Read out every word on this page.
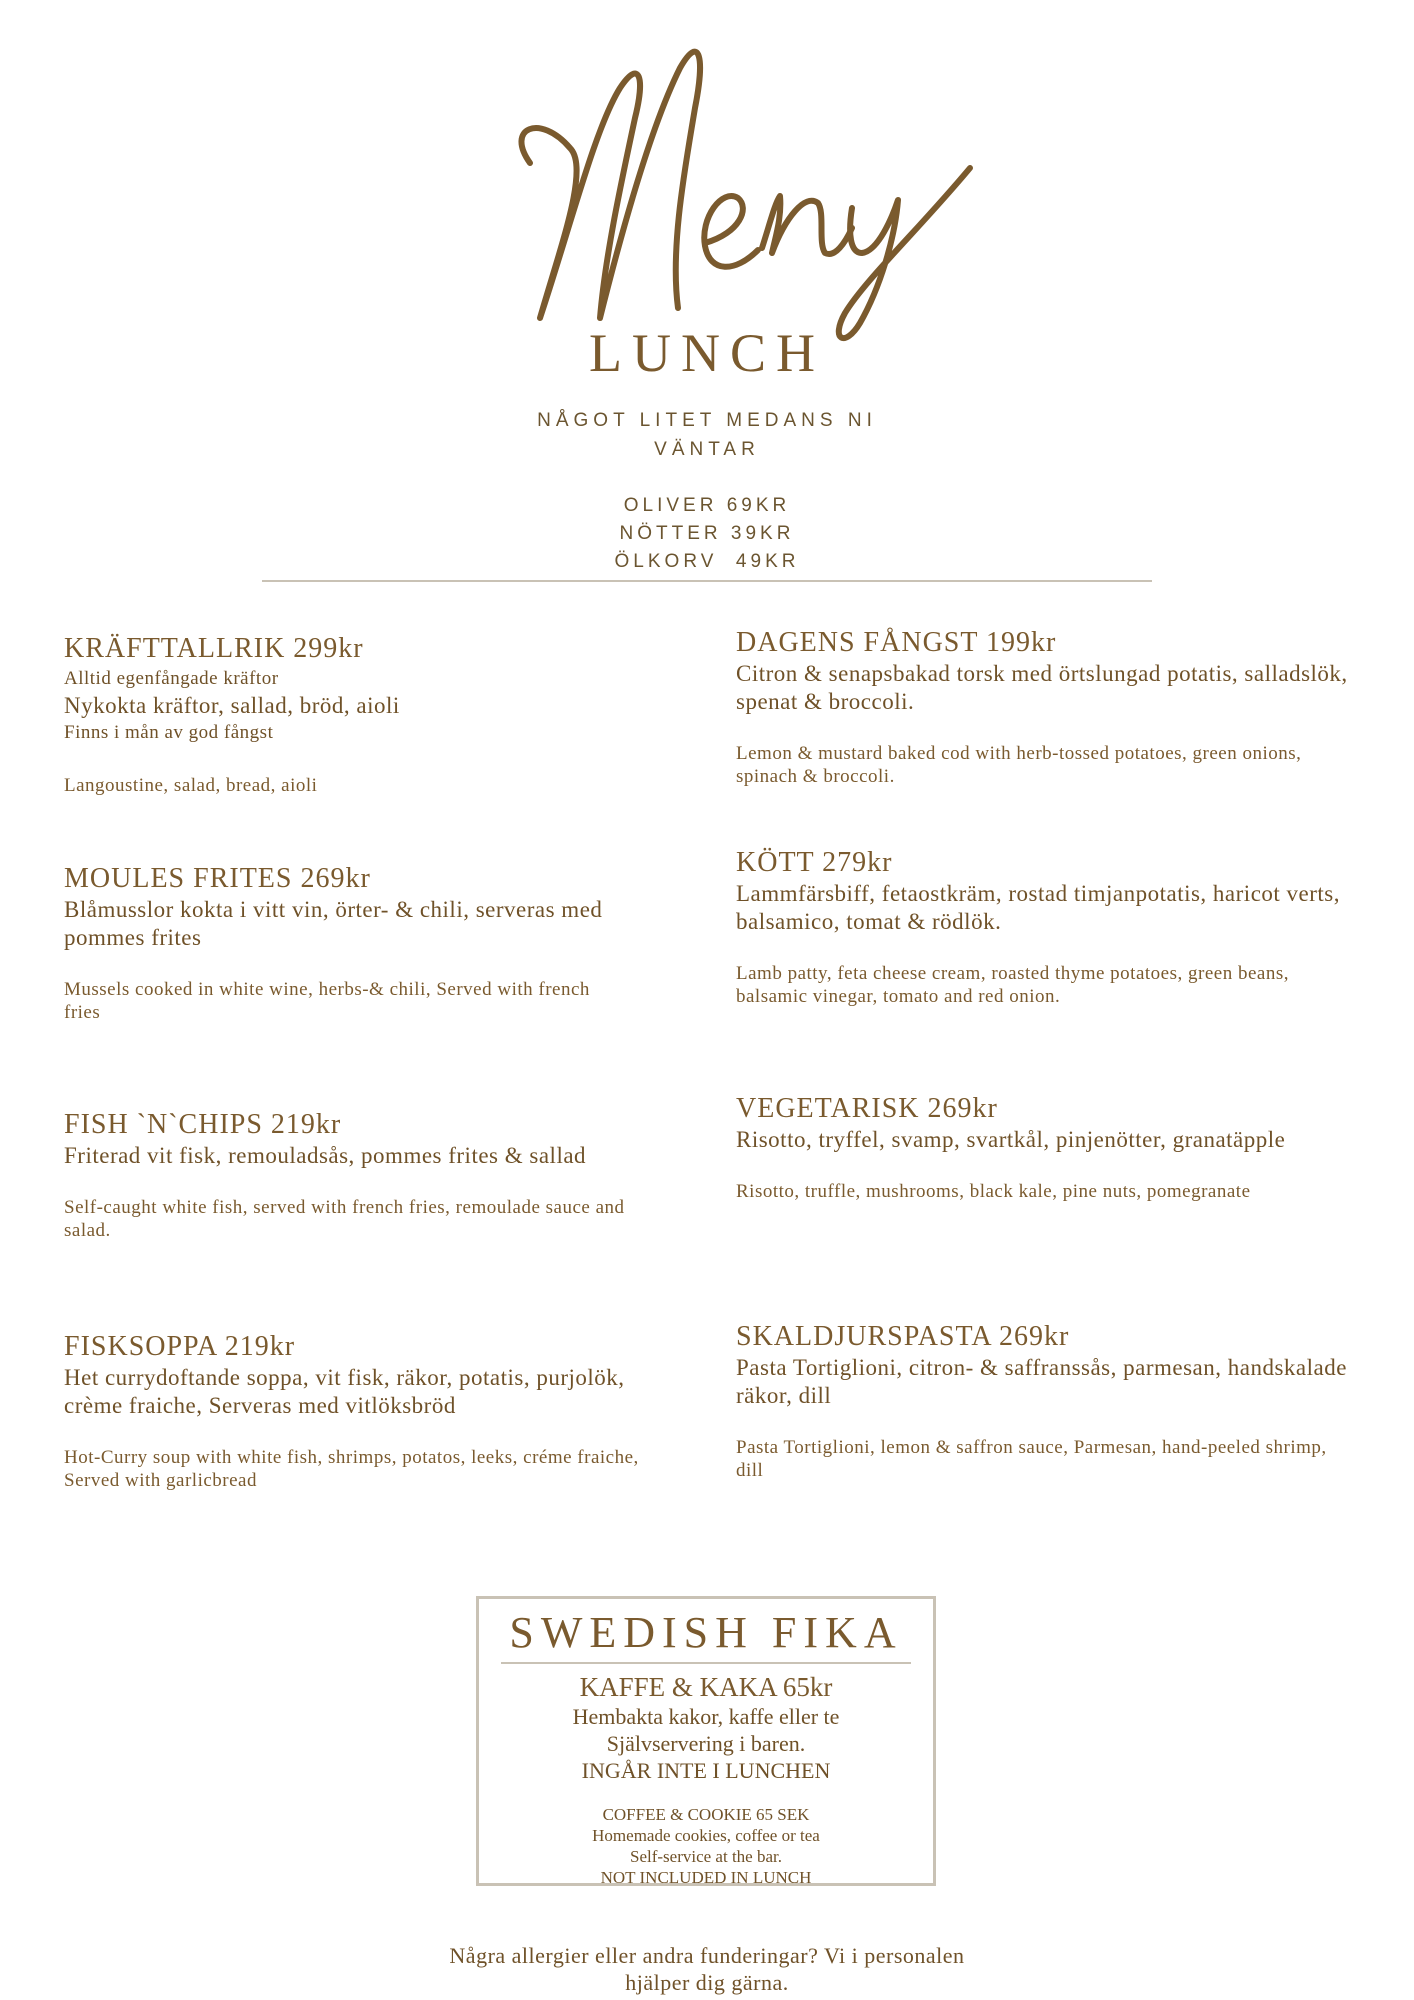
LUNCH
NÅGOT LITET MEDANS NI
VÄNTAR
OLIVER 69KR
NÖTTER 39KR
ÖLKORV  49KR
KRÄFTTALLRIK 299kr
Alltid egenfångade kräftor
Nykokta kräftor, sallad, bröd, aioli
Finns i mån av god fångst
Langoustine, salad, bread, aioli
MOULES FRITES 269kr
Blåmusslor kokta i vitt vin, örter- & chili, serveras med pommes frites
Mussels cooked in white wine, herbs-& chili, Served with french fries
FISH `N`CHIPS 219kr
Friterad vit fisk, remouladsås, pommes frites & sallad
Self-caught white fish, served with french fries, remoulade sauce and salad.
FISKSOPPA 219kr
Het currydoftande soppa, vit fisk, räkor, potatis, purjolök, crème fraiche, Serveras med vitlöksbröd
Hot-Curry soup with white fish, shrimps, potatos, leeks, créme fraiche, Served with garlicbread
DAGENS FÅNGST 199kr
Citron & senapsbakad torsk med örtslungad potatis, salladslök, spenat & broccoli.
Lemon & mustard baked cod with herb-tossed potatoes, green onions, spinach & broccoli.
KÖTT 279kr
Lammfärsbiff, fetaostkräm, rostad timjanpotatis, haricot verts, balsamico, tomat & rödlök.
Lamb patty, feta cheese cream, roasted thyme potatoes, green beans, balsamic vinegar, tomato and red onion.
VEGETARISK 269kr
Risotto, tryffel, svamp, svartkål, pinjenötter, granatäpple
Risotto, truffle, mushrooms, black kale, pine nuts, pomegranate
SKALDJURSPASTA 269kr
Pasta Tortiglioni, citron- & saffranssås, parmesan, handskalade räkor, dill
Pasta Tortiglioni, lemon & saffron sauce, Parmesan, hand-peeled shrimp, dill
SWEDISH FIKA
KAFFE & KAKA 65kr
Hembakta kakor, kaffe eller te
Självservering i baren.
INGÅR INTE I LUNCHEN
COFFEE & COOKIE 65 SEK
Homemade cookies, coffee or tea
Self-service at the bar.
NOT INCLUDED IN LUNCH
Några allergier eller andra funderingar? Vi i personalen
hjälper dig gärna.
